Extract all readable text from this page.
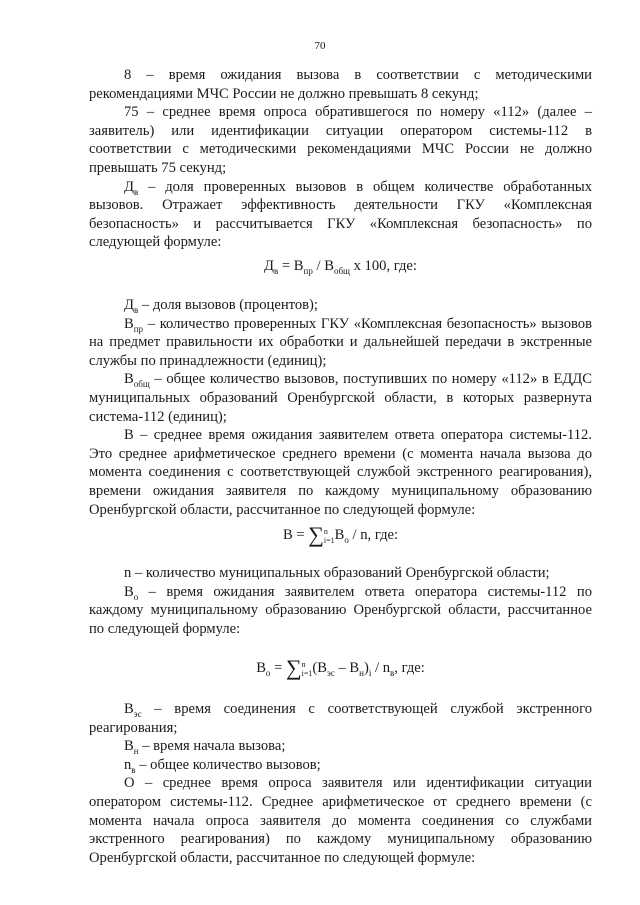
70
8 – время ожидания вызова в соответствии с методическими рекомендациями МЧС России не должно превышать 8 секунд;
75 – среднее время опроса обратившегося по номеру «112» (далее – заявитель) или идентификации ситуации оператором системы-112 в соответствии с методическими рекомендациями МЧС России не должно превышать 75 секунд;
$Д_в$ – доля проверенных вызовов в общем количестве обработанных вызовов. Отражает эффективность деятельности ГКУ «Комплексная безопасность» и рассчитывается ГКУ «Комплексная безопасность» по следующей формуле:
$Д_в = В_{пр} / В_{общ}$ х 100, где:
$Д_в$ – доля вызовов (процентов);
$В_{пр}$ – количество проверенных ГКУ «Комплексная безопасность» вызовов на предмет правильности их обработки и дальнейшей передачи в экстренные службы по принадлежности (единиц);
$В_{общ}$ – общее количество вызовов, поступивших по номеру «112» в ЕДДС муниципальных образований Оренбургской области, в которых развернута система-112 (единиц);
В – среднее время ожидания заявителем ответа оператора системы-112. Это среднее арифметическое среднего времени (с момента начала вызова до момента соединения с соответствующей службой экстренного реагирования), времени ожидания заявителя по каждому муниципальному образованию Оренбургской области, рассчитанное по следующей формуле:
В = ∑n
$i=1В_о / n$, где:
n – количество муниципальных образований Оренбургской области;
$В_о$ – время ожидания заявителем ответа оператора системы-112 по каждому муниципальному образованию Оренбургской области, рассчитанное по следующей формуле:
$В_о = \sum n$
$i=1(В_{эс} - В_н)_i / n_в$, где:
$В_{эс}$ – время соединения с соответствующей службой экстренного реагирования;
$В_н$ – время начала вызова;
$n_в$ – общее количество вызовов;
О – среднее время опроса заявителя или идентификации ситуации оператором системы-112. Среднее арифметическое от среднего времени (с момента начала опроса заявителя до момента соединения со службами экстренного реагирования) по каждому муниципальному образованию Оренбургской области, рассчитанное по следующей формуле:
